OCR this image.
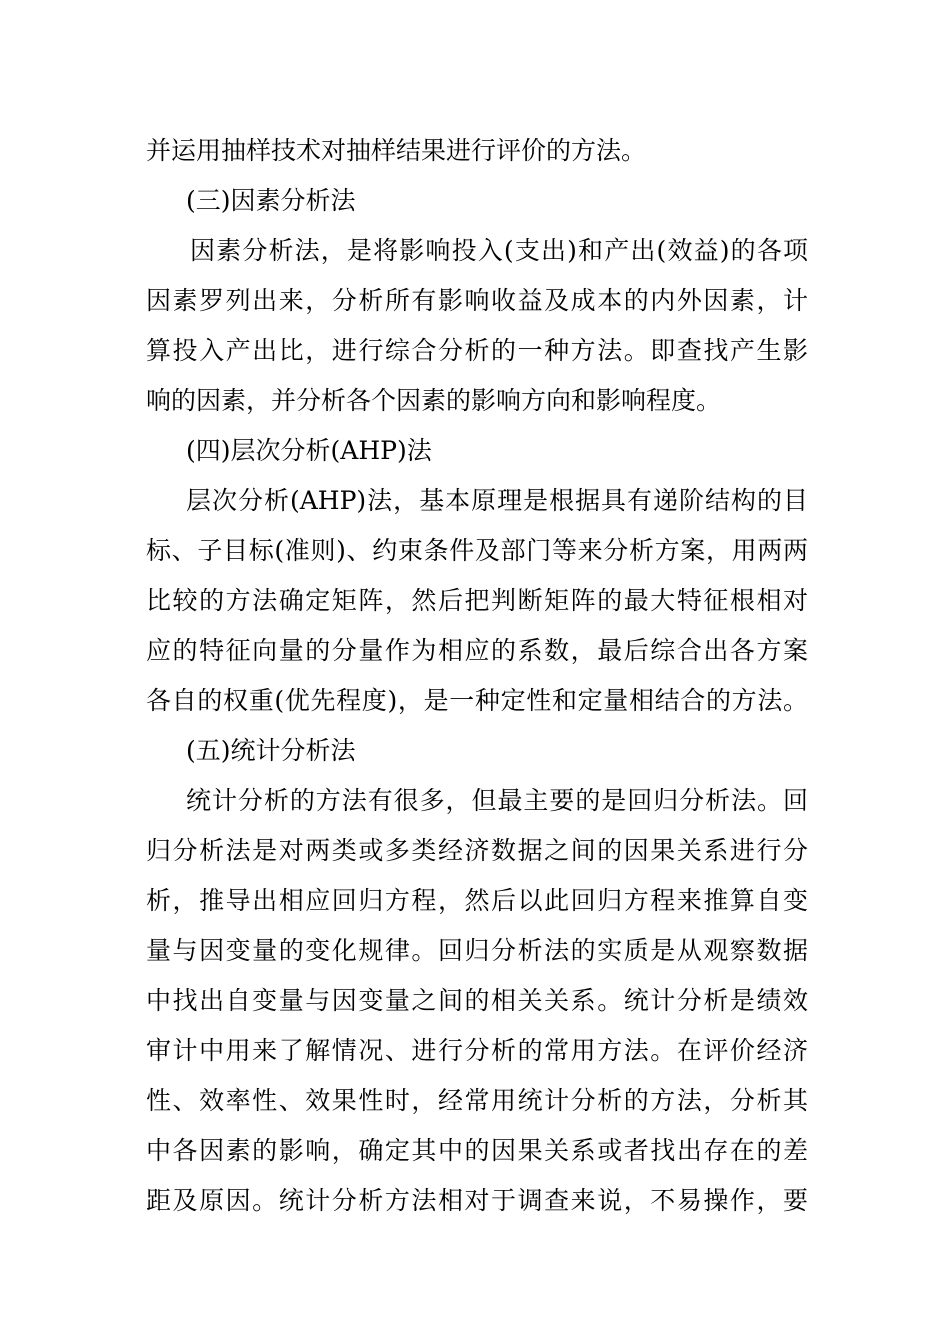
并运用抽样技术对抽样结果进行评价的方法。
(三)因素分析法
因素分析法，是将影响投入(支出)和产出(效益)的各项
因素罗列出来，分析所有影响收益及成本的内外因素，计
算投入产出比，进行综合分析的一种方法。即查找产生影
响的因素，并分析各个因素的影响方向和影响程度。
(四)层次分析(AHP)法
层次分析(AHP)法，基本原理是根据具有递阶结构的目
标、子目标(准则)、约束条件及部门等来分析方案，用两两
比较的方法确定矩阵，然后把判断矩阵的最大特征根相对
应的特征向量的分量作为相应的系数，最后综合出各方案
各自的权重(优先程度)，是一种定性和定量相结合的方法。
(五)统计分析法
统计分析的方法有很多，但最主要的是回归分析法。回
归分析法是对两类或多类经济数据之间的因果关系进行分
析，推导出相应回归方程，然后以此回归方程来推算自变
量与因变量的变化规律。回归分析法的实质是从观察数据
中找出自变量与因变量之间的相关关系。统计分析是绩效
审计中用来了解情况、进行分析的常用方法。在评价经济
性、效率性、效果性时，经常用统计分析的方法，分析其
中各因素的影响，确定其中的因果关系或者找出存在的差
距及原因。统计分析方法相对于调查来说，不易操作，要
